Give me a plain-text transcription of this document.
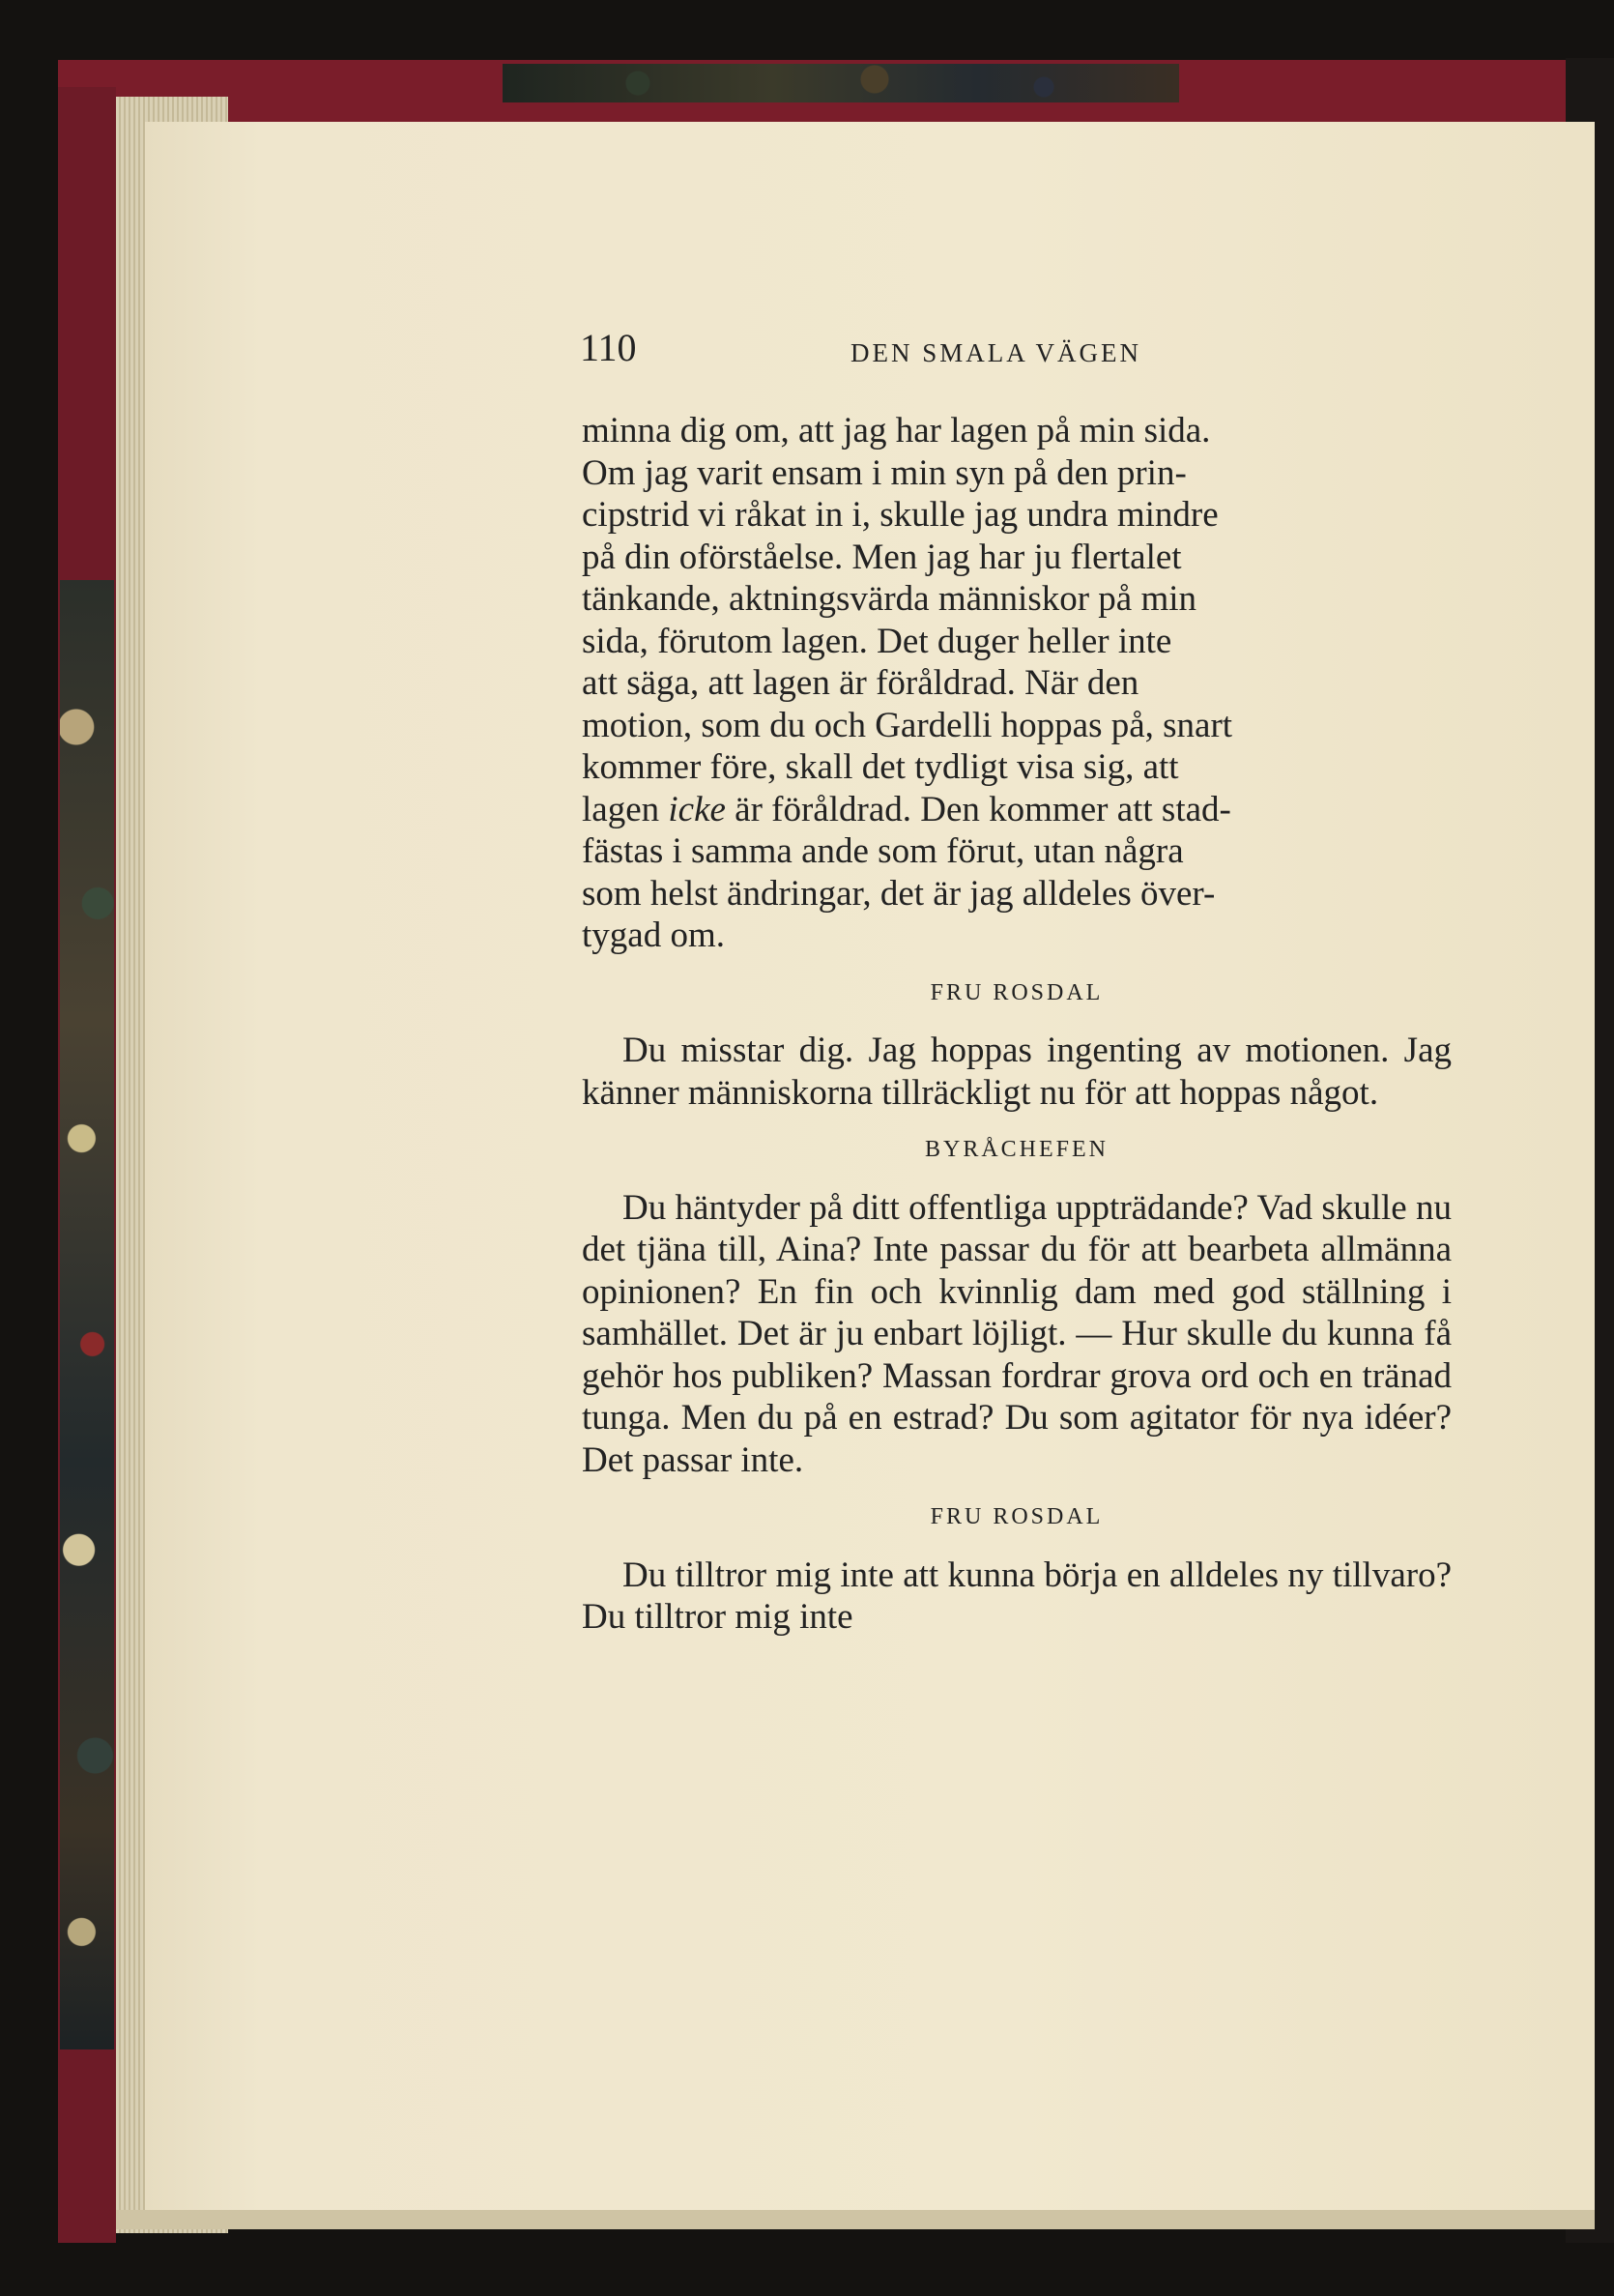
110	DEN SMALA VÄGEN
minna dig om, att jag har lagen på min sida.
Om jag varit ensam i min syn på den prin-
cipstrid vi råkat in i, skulle jag undra mindre
på din oförståelse. Men jag har ju flertalet
tänkande, aktningsvärda människor på min
sida, förutom lagen. Det duger heller inte
att säga, att lagen är föråldrad. När den
motion, som du och Gardelli hoppas på, snart
kommer före, skall det tydligt visa sig, att
lagen icke är föråldrad. Den kommer att stad-
fästas i samma ande som förut, utan några
som helst ändringar, det är jag alldeles över-
tygad om.
FRU ROSDAL

Du misstar dig. Jag hoppas ingenting av motionen. Jag känner människorna tillräckligt nu för att hoppas något.

BYRÅCHEFEN

Du häntyder på ditt offentliga uppträdande? Vad skulle nu det tjäna till, Aina? Inte passar du för att bearbeta allmänna opinionen? En fin och kvinnlig dam med god ställning i samhället. Det är ju enbart löjligt. — Hur skulle du kunna få gehör hos publiken? Massan fordrar grova ord och en tränad tunga. Men du på en estrad? Du som agitator för nya idéer? Det passar inte.

FRU ROSDAL

Du tilltror mig inte att kunna börja en alldeles ny tillvaro? Du tilltror mig inte
